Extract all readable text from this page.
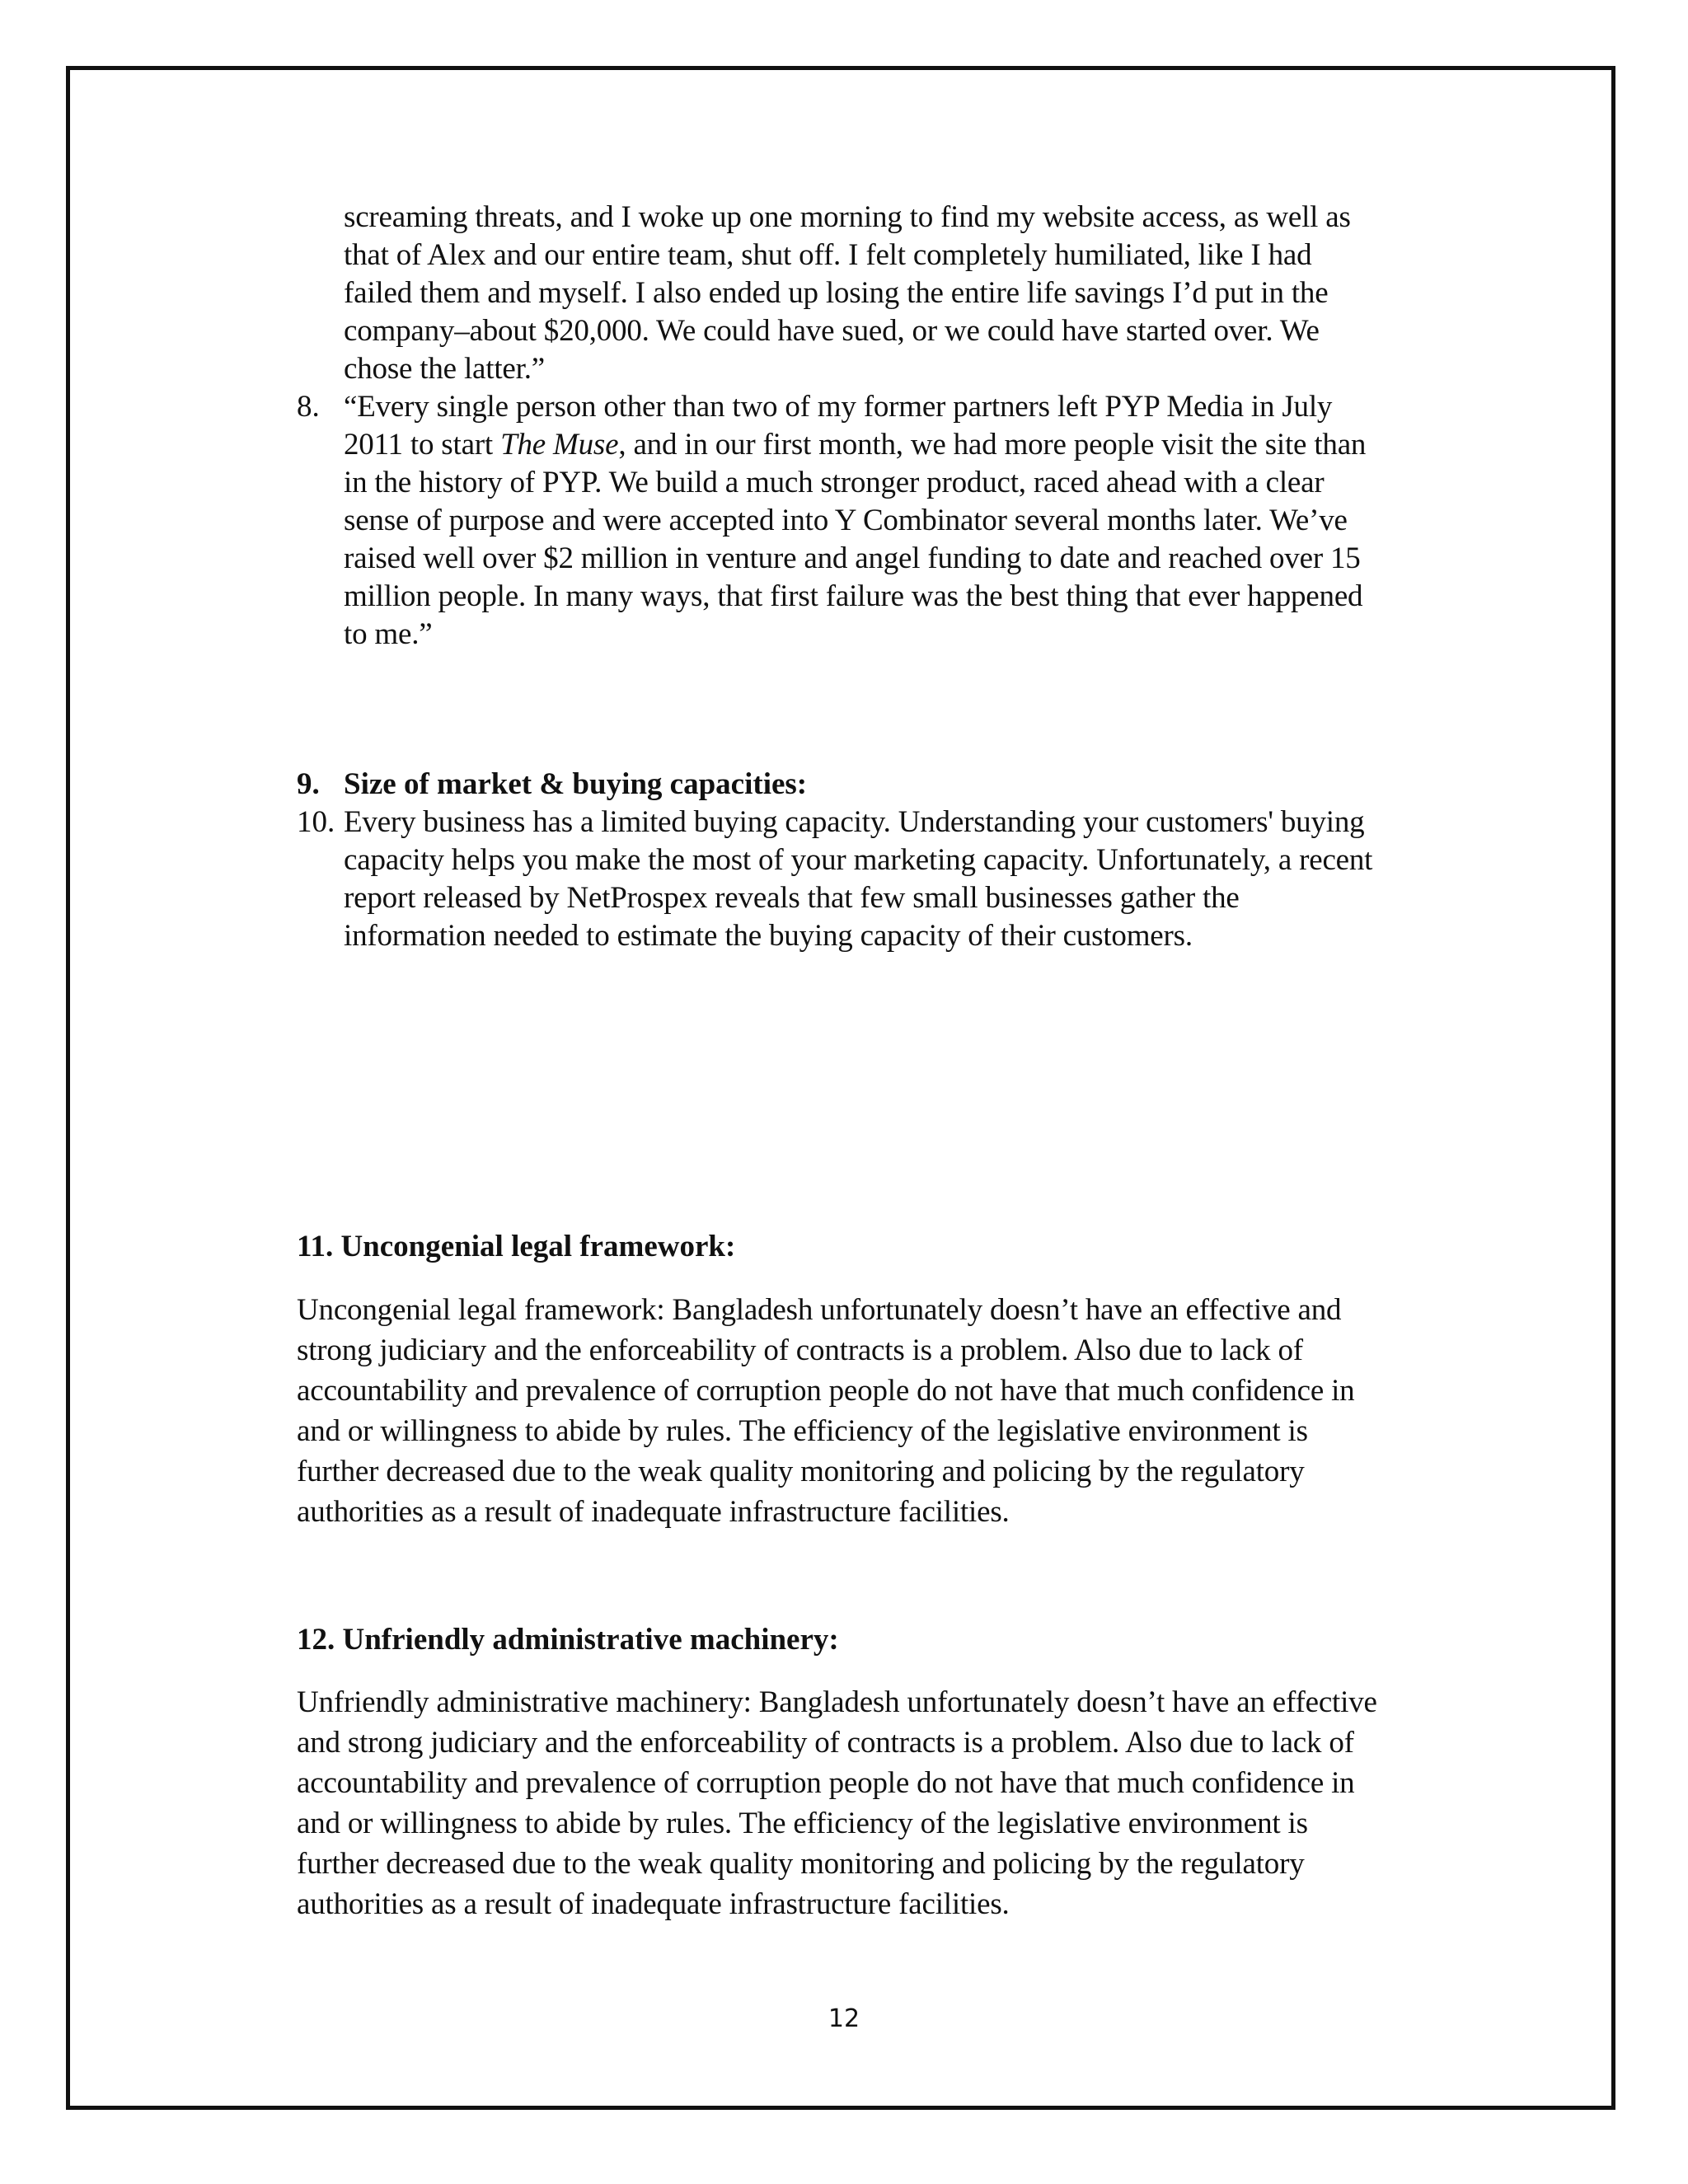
screaming threats, and I woke up one morning to find my website access, as well as
that of Alex and our entire team, shut off. I felt completely humiliated, like I had
failed them and myself. I also ended up losing the entire life savings I’d put in the
company–about $20,000. We could have sued, or we could have started over. We
chose the latter.”
8. “Every single person other than two of my former partners left PYP Media in July
2011 to start The Muse, and in our first month, we had more people visit the site than
in the history of PYP. We build a much stronger product, raced ahead with a clear
sense of purpose and were accepted into Y Combinator several months later. We’ve
raised well over $2 million in venture and angel funding to date and reached over 15
million people. In many ways, that first failure was the best thing that ever happened
to me.”
9. Size of market & buying capacities:
10. Every business has a limited buying capacity. Understanding your customers' buying
capacity helps you make the most of your marketing capacity. Unfortunately, a recent
report released by NetProspex reveals that few small businesses gather the
information needed to estimate the buying capacity of their customers.
11. Uncongenial legal framework:
Uncongenial legal framework: Bangladesh unfortunately doesn’t have an effective and
strong judiciary and the enforceability of contracts is a problem. Also due to lack of
accountability and prevalence of corruption people do not have that much confidence in
and or willingness to abide by rules. The efficiency of the legislative environment is
further decreased due to the weak quality monitoring and policing by the regulatory
authorities as a result of inadequate infrastructure facilities.
12. Unfriendly administrative machinery:
Unfriendly administrative machinery: Bangladesh unfortunately doesn’t have an effective
and strong judiciary and the enforceability of contracts is a problem. Also due to lack of
accountability and prevalence of corruption people do not have that much confidence in
and or willingness to abide by rules. The efficiency of the legislative environment is
further decreased due to the weak quality monitoring and policing by the regulatory
authorities as a result of inadequate infrastructure facilities.
12
